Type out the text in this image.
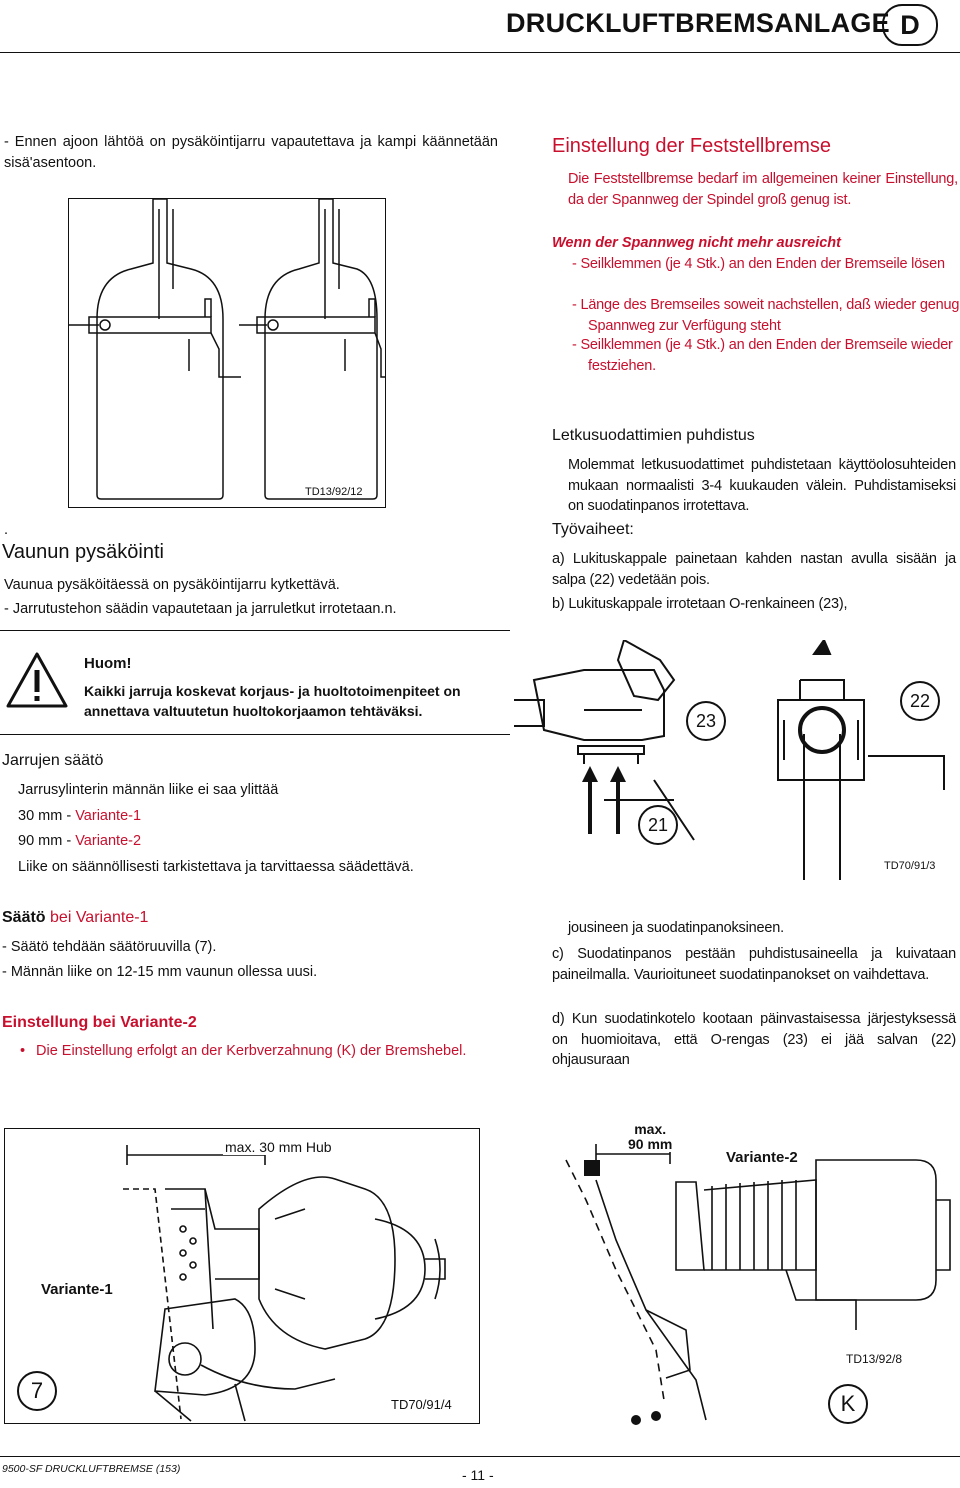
DRUCKLUFTBREMSANLAGE D
- Ennen ajoon lähtöä on pysäköintijarru vapautettava ja kampi käännetään sisä'asentoon.
TD13/92/12
.
Vaunun pysäköinti
Vaunua pysäköitäessä on pysäköintijarru kytkettävä.
- Jarrutustehon säädin vapautetaan ja jarruletkut irrotetaan.n.
Einstellung der Feststellbremse
Die Feststellbremse bedarf im allgemeinen keiner Einstellung, da der Spannweg der Spindel groß genug ist.
Wenn der Spannweg nicht mehr ausreicht
- Seilklemmen (je 4 Stk.) an den Enden der Bremseile lösen
- Länge des Bremseiles soweit nachstellen, daß wieder genug Spannweg zur Verfügung steht
- Seilklemmen (je 4 Stk.) an den Enden der Bremseile wieder festziehen.
Letkusuodattimien puhdistus
Molemmat letkusuodattimet puhdistetaan käyttöolosuhteiden mukaan normaalisti 3-4 kuukauden välein. Puhdistamiseksi on suodatinpanos irrotettava.
Työvaiheet:
a) Lukituskappale painetaan kahden nastan avulla sisään ja salpa (22) vedetään pois.
b) Lukituskappale irrotetaan O-renkaineen (23),
Huom!
Kaikki jarruja koskevat korjaus- ja huoltotoimenpiteet on annettava valtuutetun huoltokorjaamon tehtäväksi.
Jarrujen säätö
Jarrusylinterin männän liike ei saa ylittää
30 mm - Variante-1
90 mm - Variante-2
Liike on säännöllisesti tarkistettava ja tarvittaessa säädettävä.
23
22
21
TD70/91/3
Säätö bei Variante-1
- Säätö tehdään säätöruuvilla (7).
- Männän liike on 12-15 mm vaunun ollessa uusi.
Einstellung bei Variante-2
• Die Einstellung erfolgt an der Kerbverzahnung (K) der Bremshebel.
jousineen ja suodatinpanoksineen.
c) Suodatinpanos pestään puhdistusaineella ja kuivataan paineilmalla. Vaurioituneet suodatinpanokset on vaihdettava.
d) Kun suodatinkotelo kootaan päinvastaisessa järjestyksessä on huomioitava, että O-rengas (23) ei jää salvan (22) ohjausuraan
max. 30 mm Hub
Variante-1
7
TD70/91/4
max.
90 mm
Variante-2
TD13/92/8
K
9500-SF DRUCKLUFTBREMSE (153)	- 11 -
